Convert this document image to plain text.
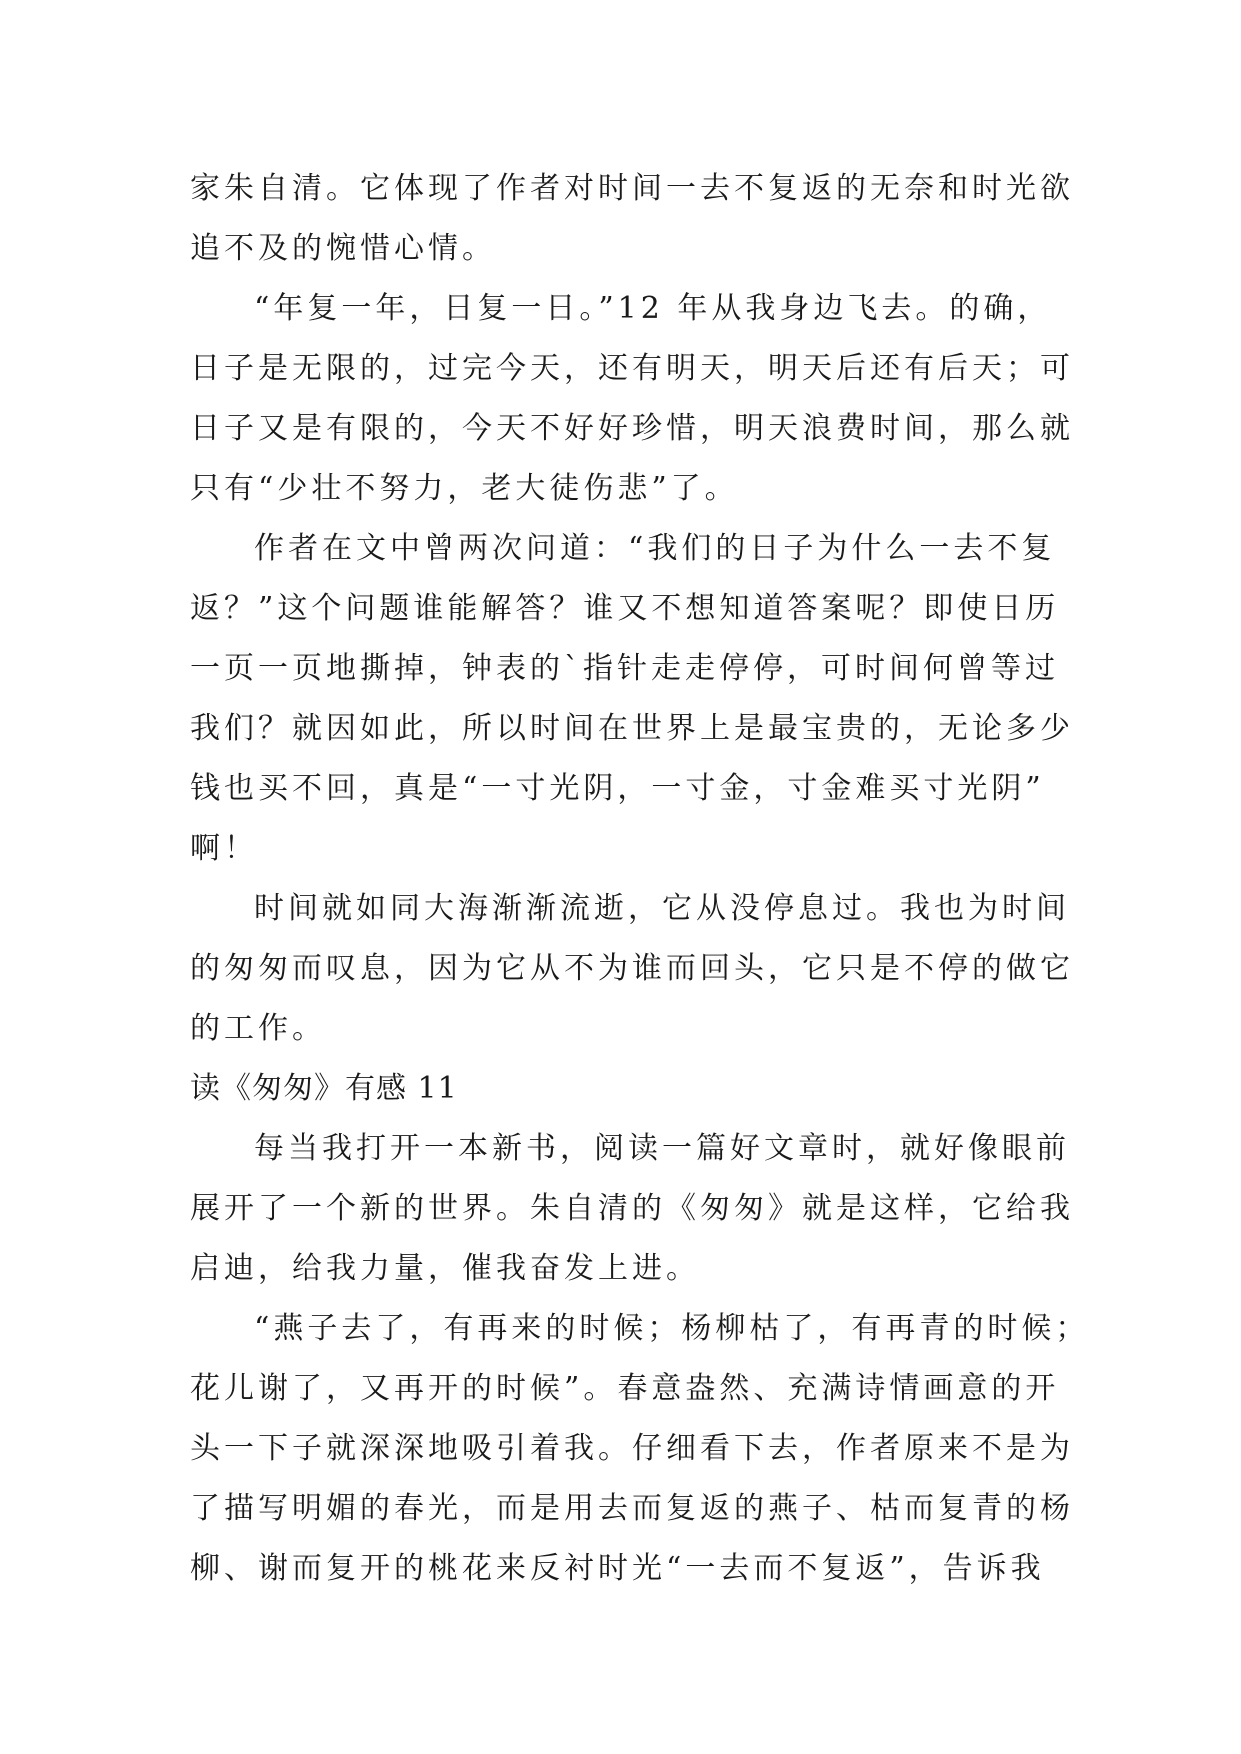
家朱自清。它体现了作者对时间一去不复返的无奈和时光欲
追不及的惋惜心情。
“年复一年，日复一日。”12 年从我身边飞去。的确，
日子是无限的，过完今天，还有明天，明天后还有后天；可
日子又是有限的，今天不好好珍惜，明天浪费时间，那么就
只有“少壮不努力，老大徒伤悲”了。
作者在文中曾两次问道：“我们的日子为什么一去不复
返？”这个问题谁能解答？谁又不想知道答案呢？即使日历
一页一页地撕掉，钟表的`指针走走停停，可时间何曾等过
我们？就因如此，所以时间在世界上是最宝贵的，无论多少
钱也买不回，真是“一寸光阴，一寸金，寸金难买寸光阴”
啊！
时间就如同大海渐渐流逝，它从没停息过。我也为时间
的匆匆而叹息，因为它从不为谁而回头，它只是不停的做它
的工作。
读《匆匆》有感 11
每当我打开一本新书，阅读一篇好文章时，就好像眼前
展开了一个新的世界。朱自清的《匆匆》就是这样，它给我
启迪，给我力量，催我奋发上进。
“燕子去了，有再来的时候；杨柳枯了，有再青的时候；
花儿谢了，又再开的时候”。春意盎然、充满诗情画意的开
头一下子就深深地吸引着我。仔细看下去，作者原来不是为
了描写明媚的春光，而是用去而复返的燕子、枯而复青的杨
柳、谢而复开的桃花来反衬时光“一去而不复返”，告诉我
